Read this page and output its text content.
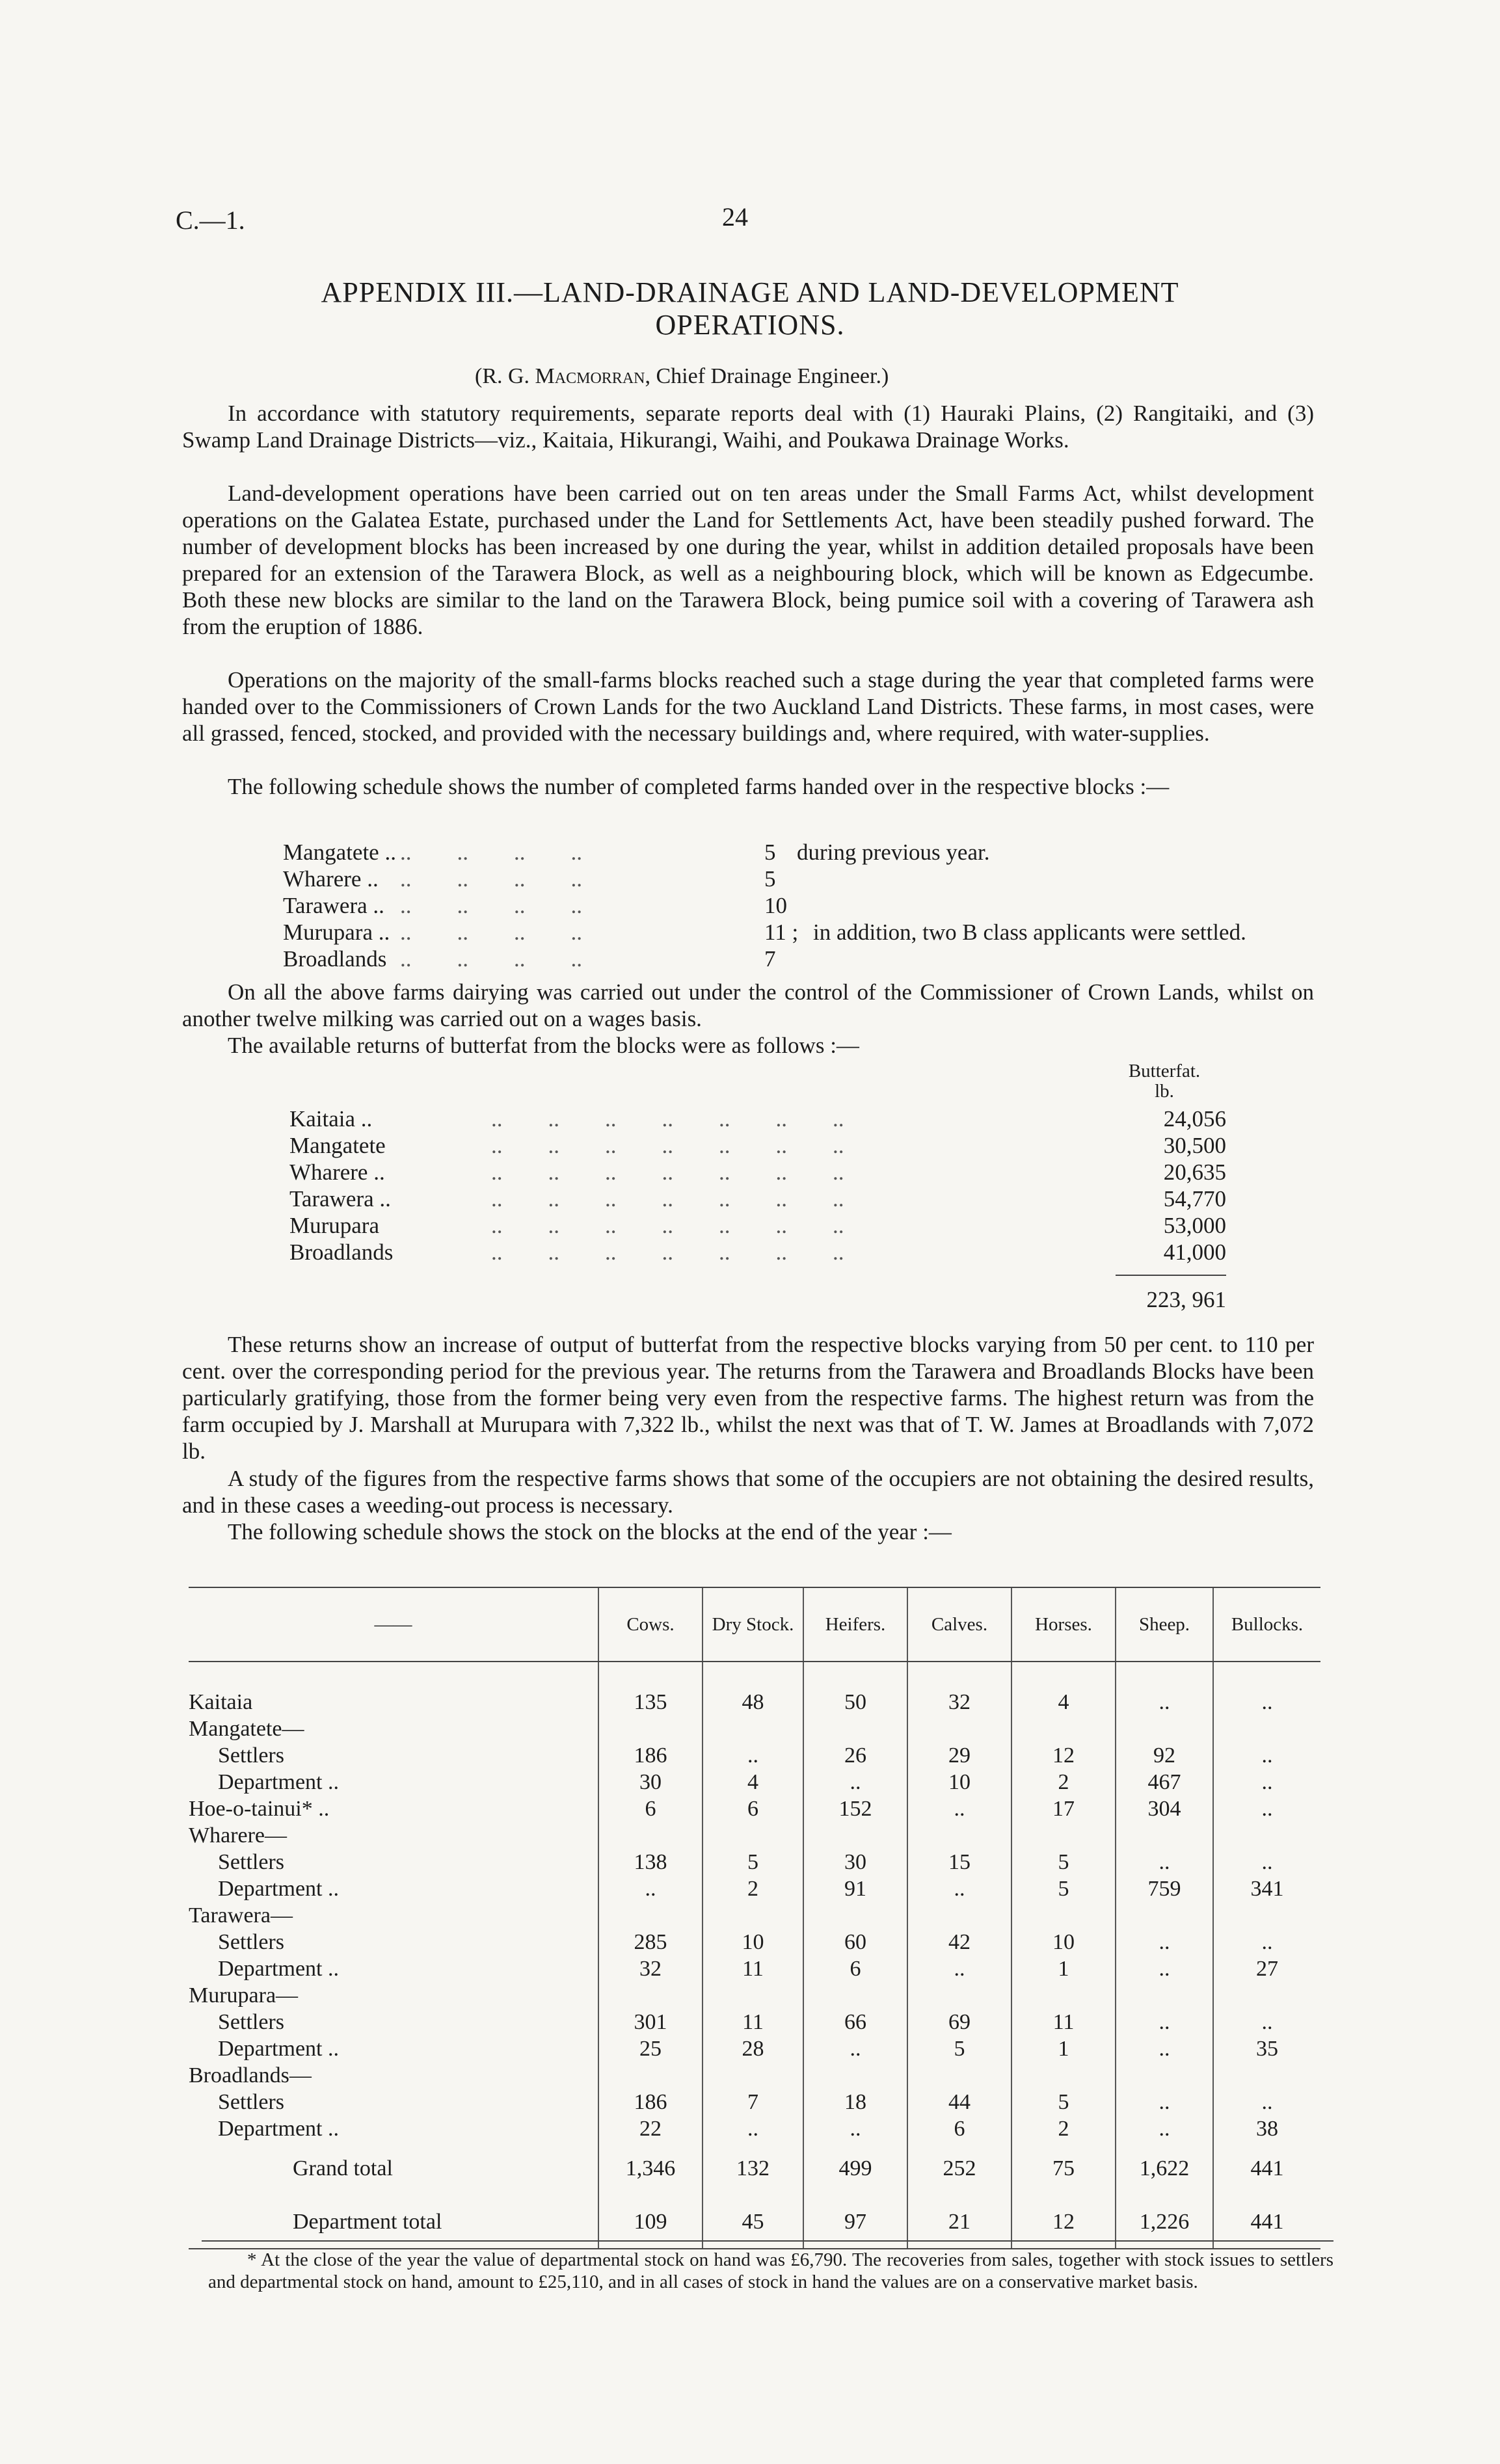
C.—1.	24
APPENDIX III.—LAND-DRAINAGE AND LAND-DEVELOPMENT
OPERATIONS.
(R. G. Macmorran, Chief Drainage Engineer.)
In accordance with statutory requirements, separate reports deal with (1) Hauraki Plains, (2) Rangitaiki, and (3) Swamp Land Drainage Districts—viz., Kaitaia, Hikurangi, Waihi, and Poukawa Drainage Works.
Land-development operations have been carried out on ten areas under the Small Farms Act, whilst development operations on the Galatea Estate, purchased under the Land for Settlements Act, have been steadily pushed forward. The number of development blocks has been increased by one during the year, whilst in addition detailed proposals have been prepared for an extension of the Tarawera Block, as well as a neighbouring block, which will be known as Edgecumbe. Both these new blocks are similar to the land on the Tarawera Block, being pumice soil with a covering of Tarawera ash from the eruption of 1886.
Operations on the majority of the small-farms blocks reached such a stage during the year that completed farms were handed over to the Commissioners of Crown Lands for the two Auckland Land Districts. These farms, in most cases, were all grassed, fenced, stocked, and provided with the necessary buildings and, where required, with water-supplies.
The following schedule shows the number of completed farms handed over in the respective blocks :—
Mangatete .. ..        ..        ..        ..	5 during previous year.
Wharere .. ..        ..        ..        ..	5
Tarawera .. ..        ..        ..        ..	10
Murupara .. ..        ..        ..        ..	11 ; in addition, two B class applicants were settled.
Broadlands ..        ..        ..        ..	7
On all the above farms dairying was carried out under the control of the Commissioner of Crown Lands, whilst on another twelve milking was carried out on a wages basis.
The available returns of butterfat from the blocks were as follows :—
Butterfat.
lb.
Kaitaia ..	..        ..        ..        ..        ..        ..        ..	24,056
Mangatete	..        ..        ..        ..        ..        ..        ..	30,500
Wharere ..	..        ..        ..        ..        ..        ..        ..	20,635
Tarawera ..	..        ..        ..        ..        ..        ..        ..	54,770
Murupara	..        ..        ..        ..        ..        ..        ..	53,000
Broadlands	..        ..        ..        ..        ..        ..        ..	41,000
223, 961
These returns show an increase of output of butterfat from the respective blocks varying from 50 per cent. to 110 per cent. over the corresponding period for the previous year. The returns from the Tarawera and Broadlands Blocks have been particularly gratifying, those from the former being very even from the respective farms. The highest return was from the farm occupied by J. Marshall at Murupara with 7,322 lb., whilst the next was that of T. W. James at Broadlands with 7,072 lb.
A study of the figures from the respective farms shows that some of the occupiers are not obtaining the desired results, and in these cases a weeding-out process is necessary.
The following schedule shows the stock on the blocks at the end of the year :—
——	Cows.	Dry Stock.	Heifers.	Calves.	Horses.	Sheep.	Bullocks.

Kaitaia	135	48	50	32	4	..	..
Mangatete—							
Settlers	186	..	26	29	12	92	..
Department ..	30	4	..	10	2	467	..
Hoe-o-tainui* ..	6	6	152	..	17	304	..
Wharere—							
Settlers	138	5	30	15	5	..	..
Department ..	..	2	91	..	5	759	341
Tarawera—							
Settlers	285	10	60	42	10	..	..
Department ..	32	11	6	..	1	..	27
Murupara—							
Settlers	301	11	66	69	11	..	..
Department ..	25	28	..	5	1	..	35
Broadlands—							
Settlers	186	7	18	44	5	..	..
Department ..	22	..	..	6	2	..	38
Grand total	1,346	132	499	252	75	1,622	441
Department total	109	45	97	21	12	1,226	441
* At the close of the year the value of departmental stock on hand was £6,790. The recoveries from sales, together with stock issues to settlers and departmental stock on hand, amount to £25,110, and in all cases of stock in hand the values are on a conservative market basis.
